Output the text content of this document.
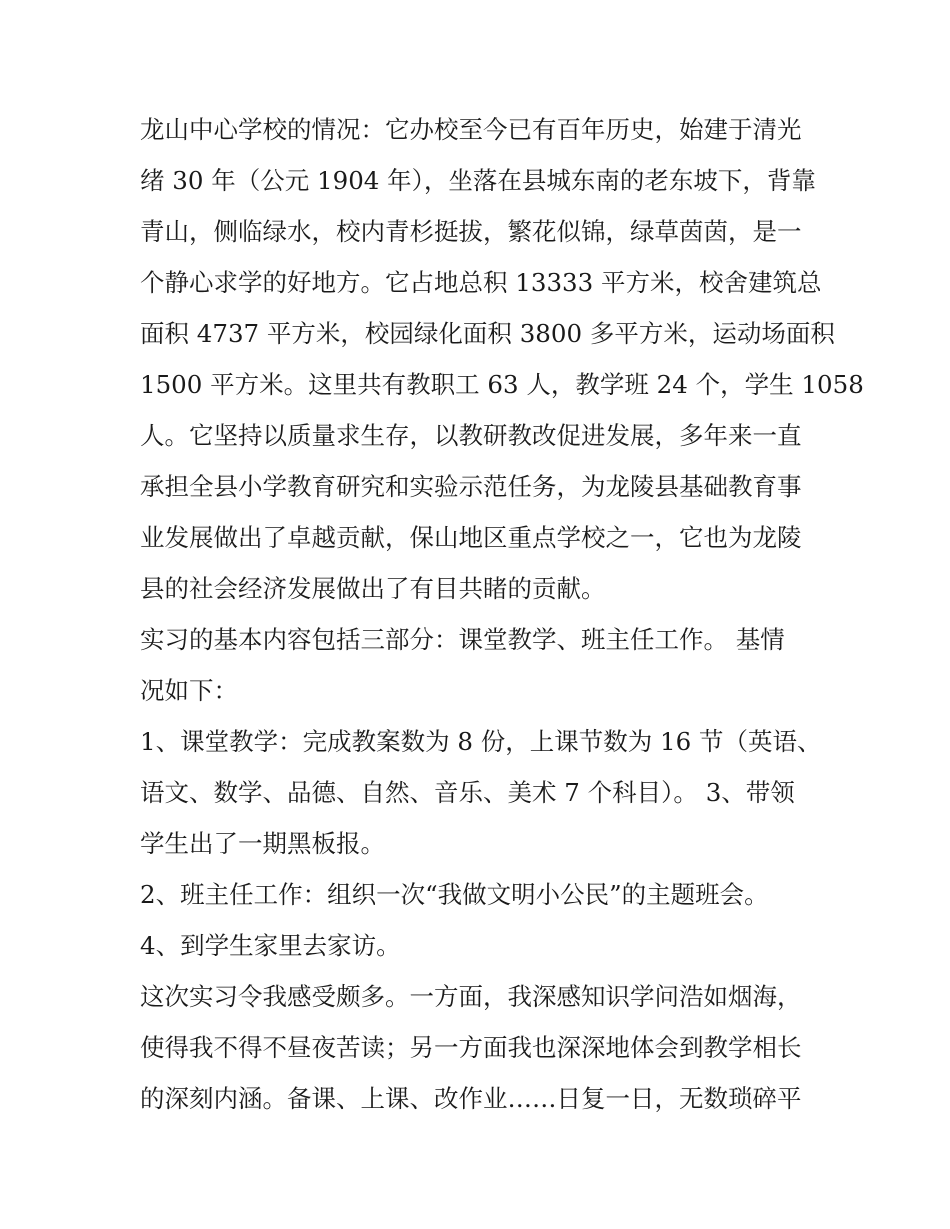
龙山中心学校的情况：它办校至今已有百年历史，始建于清光
绪 30 年（公元 1904 年），坐落在县城东南的老东坡下，背靠
青山，侧临绿水，校内青杉挺拔，繁花似锦，绿草茵茵，是一
个静心求学的好地方。它占地总积 13333 平方米，校舍建筑总
面积 4737 平方米，校园绿化面积 3800 多平方米，运动场面积
1500 平方米。这里共有教职工 63 人，教学班 24 个，学生 1058
人。它坚持以质量求生存，以教研教改促进发展，多年来一直
承担全县小学教育研究和实验示范任务，为龙陵县基础教育事
业发展做出了卓越贡献，保山地区重点学校之一，它也为龙陵
县的社会经济发展做出了有目共睹的贡献。

实习的基本内容包括三部分：课堂教学、班主任工作。 基情
况如下：

1、课堂教学：完成教案数为 8 份，上课节数为 16 节（英语、
语文、数学、品德、自然、音乐、美术 7 个科目）。 3、带领
学生出了一期黑板报。

2、班主任工作：组织一次“我做文明小公民”的主题班会。

4、到学生家里去家访。

这次实习令我感受颇多。一方面，我深感知识学问浩如烟海，
使得我不得不昼夜苦读；另一方面我也深深地体会到教学相长
的深刻内涵。备课、上课、改作业……日复一日，无数琐碎平
